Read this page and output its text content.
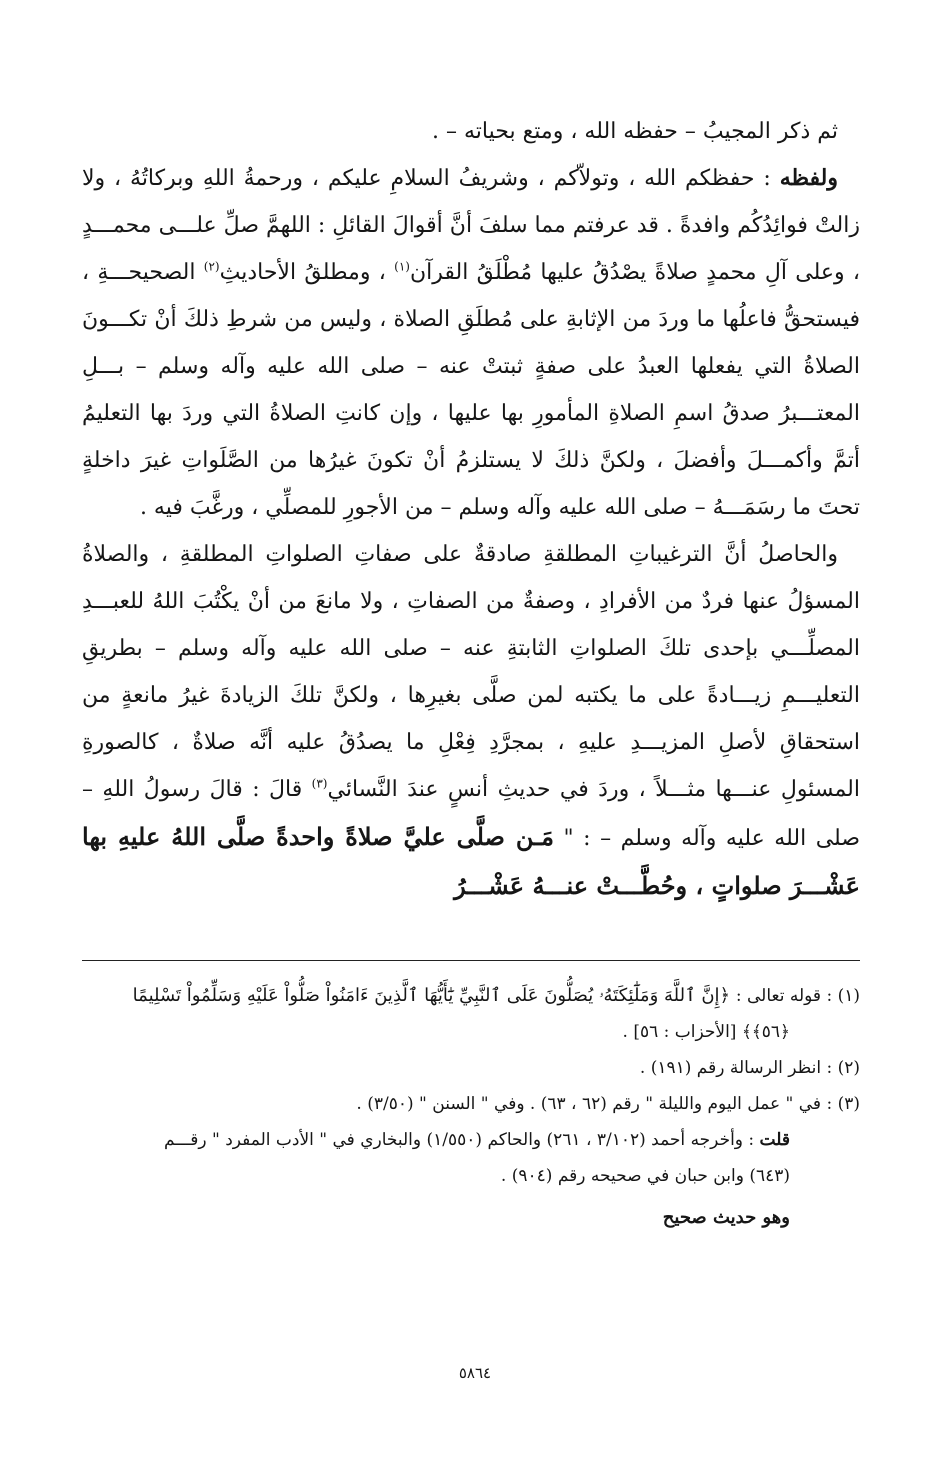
ثم ذكر المجيبُ – حفظه الله ، ومتع بحياته – .

ولفظه : حفظكم الله ، وتولاّكم ، وشريفُ السلامِ عليكم ، ورحمةُ اللهِ وبركاتُهُ ، ولا زالتْ فوائِدُكُم وافدةً . قد عرفتم مما سلفَ أنَّ أقوالَ القائلِ : اللهمَّ صلِّ علـــى محمـــدٍ ، وعلى آلِ محمدٍ صلاةً يصْدُقُ عليها مُطْلَقُ القرآن$^{(١)}$ ، ومطلقُ الأحاديثِ$^{(٢)}$ الصحيحـــةِ ، فيستحقُّ فاعلُها ما وردَ من الإثابةِ على مُطلَقِ الصلاة ، وليس من شرطِ ذلكَ أنْ تكـــونَ الصلاةُ التي يفعلها العبدُ على صفةٍ ثبتتْ عنه – صلى الله عليه وآله وسلم – بـــلِ المعتـــبرُ صدقُ اسمِ الصلاةِ المأمورِ بها عليها ، وإن كانتِ الصلاةُ التي وردَ بها التعليمُ أتمَّ وأكمـــلَ وأفضلَ ، ولكنَّ ذلكَ لا يستلزمُ أنْ تكونَ غيرُها من الصَّلَواتِ غيرَ داخلةٍ تحتَ ما رسَمَـــهُ – صلى الله عليه وآله وسلم – من الأجورِ للمصلِّي ، ورغَّبَ فيه .

والحاصلُ أنَّ الترغيباتِ المطلقةِ صادقةٌ على صفاتِ الصلواتِ المطلقةِ ، والصلاةُ المسؤلُ عنها فردٌ من الأفرادِ ، وصفةٌ من الصفاتِ ، ولا مانعَ من أنْ يكْتُبَ اللهُ للعبـــدِ المصلِّـــي بإحدى تلكَ الصلواتِ الثابتةِ عنه – صلى الله عليه وآله وسلم – بطريقِ التعليـــمِ زيـــادةً على ما يكتبه لمن صلَّى بغيرِها ، ولكنَّ تلكَ الزيادةَ غيرُ مانعةٍ من استحقاقِ لأصلِ المزيـــدِ عليهِ ، بمجرَّدِ فِعْلِ ما يصدُقُ عليه أنَّه صلاةٌ ، كالصورةِ المسئولِ عنـــها مثـــلاً ، وردَ في حديثِ أنسٍ عندَ النَّسائي$^{(٣)}$ قالَ : قالَ رسولُ اللهِ – صلى الله عليه وآله وسلم – : " مَـن صلَّى عليَّ صلاةً واحدةً صلَّى اللهُ عليهِ بها عَشْـــرَ صلواتٍ ، وحُطَّـــتْ عنـــهُ عَشْـــرُ

(١) : قوله تعالى : ﴿إِنَّ ٱللَّهَ وَمَلَٰٓئِكَتَهُۥ يُصَلُّونَ عَلَى ٱلنَّبِيِّ يَٰٓأَيُّهَا ٱلَّذِينَ ءَامَنُواْ صَلُّواْ عَلَيْهِ وَسَلِّمُواْ تَسْلِيمًا

﴿٥٦﴾﴾ [الأحزاب : ٥٦] .

(٢) : انظر الرسالة رقم (١٩١) .

(٣) : في " عمل اليوم والليلة " رقم (٦٢ ، ٦٣) . وفي " السنن " (٣/٥٠) .

قلت : وأخرجه أحمد (٣/١٠٢ ، ٢٦١) والحاكم (١/٥٥٠) والبخاري في " الأدب المفرد " رقـــم

(٦٤٣) وابن حبان في صحيحه رقم (٩٠٤) .

وهو حديث صحيح

٥٨٦٤
